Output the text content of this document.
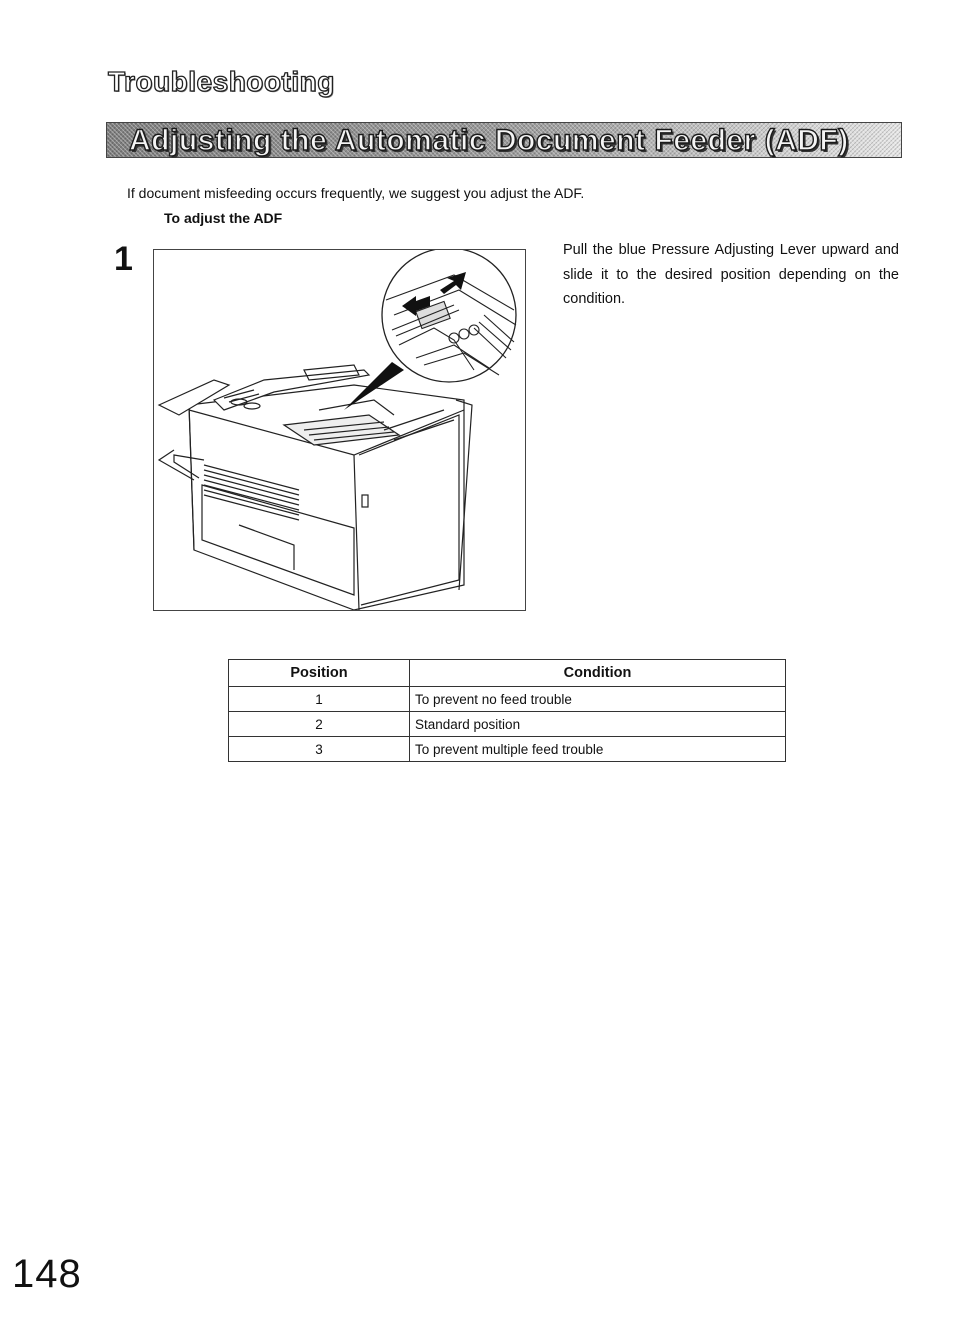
Troubleshooting
Adjusting the Automatic Document Feeder (ADF)
If document misfeeding occurs frequently, we suggest you adjust the ADF.
To adjust the ADF
1	Pull the blue Pressure Adjusting Lever upward and slide it to the desired position depending on the condition.
Position	Condition
1	To prevent no feed trouble
2	Standard position
3	To prevent multiple feed trouble
148
